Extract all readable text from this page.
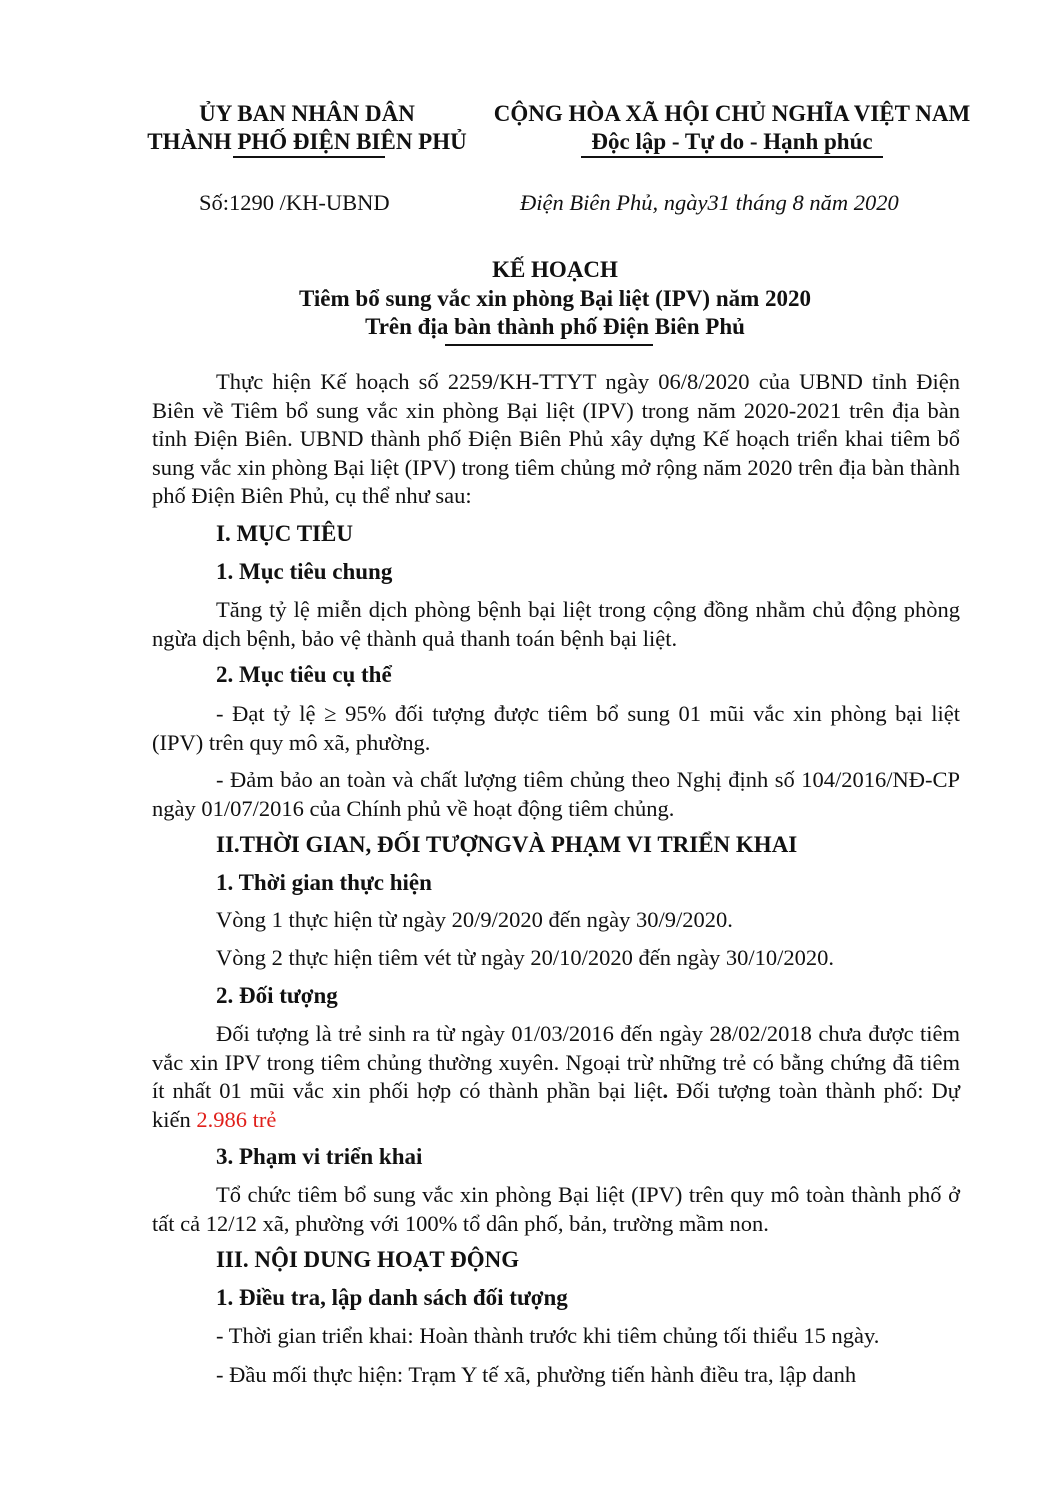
ỦY BAN NHÂN DÂN
THÀNH PHỐ ĐIỆN BIÊN PHỦ
CỘNG HÒA XÃ HỘI CHỦ NGHĨA VIỆT NAM
Độc lập - Tự do - Hạnh phúc
Số:1290 /KH-UBND	Điện Biên Phủ, ngày31 tháng 8 năm 2020
KẾ HOẠCH
Tiêm bổ sung vắc xin phòng Bại liệt (IPV) năm 2020
Trên địa bàn thành phố Điện Biên Phủ
Thực hiện Kế hoạch số 2259/KH-TTYT ngày 06/8/2020 của UBND tỉnh Điện Biên về Tiêm bổ sung vắc xin phòng Bại liệt (IPV) trong năm 2020-2021 trên địa bàn tỉnh Điện Biên. UBND thành phố Điện Biên Phủ xây dựng Kế hoạch triển khai tiêm bổ sung vắc xin phòng Bại liệt (IPV) trong tiêm chủng mở rộng năm 2020 trên địa bàn thành phố Điện Biên Phủ, cụ thể như sau:
I. MỤC TIÊU
1. Mục tiêu chung
Tăng tỷ lệ miễn dịch phòng bệnh bại liệt trong cộng đồng nhằm chủ động phòng ngừa dịch bệnh, bảo vệ thành quả thanh toán bệnh bại liệt.
2. Mục tiêu cụ thể
- Đạt tỷ lệ ≥ 95% đối tượng được tiêm bổ sung 01 mũi vắc xin phòng bại liệt (IPV) trên quy mô xã, phường.
- Đảm bảo an toàn và chất lượng tiêm chủng theo Nghị định số 104/2016/NĐ-CP ngày 01/07/2016 của Chính phủ về hoạt động tiêm chủng.
II.THỜI GIAN, ĐỐI TƯỢNGVÀ PHẠM VI TRIỂN KHAI
1. Thời gian thực hiện
Vòng 1 thực hiện từ ngày 20/9/2020 đến ngày 30/9/2020.
Vòng 2 thực hiện tiêm vét từ ngày 20/10/2020 đến ngày 30/10/2020.
2. Đối tượng
Đối tượng là trẻ sinh ra từ ngày 01/03/2016 đến ngày 28/02/2018 chưa được tiêm vắc xin IPV trong tiêm chủng thường xuyên. Ngoại trừ những trẻ có bằng chứng đã tiêm ít nhất 01 mũi vắc xin phối hợp có thành phần bại liệt. Đối tượng toàn thành phố: Dự kiến 2.986 trẻ
3. Phạm vi triển khai
Tổ chức tiêm bổ sung vắc xin phòng Bại liệt (IPV) trên quy mô toàn thành phố ở tất cả 12/12 xã, phường với 100% tổ dân phố, bản, trường mầm non.
III. NỘI DUNG HOẠT ĐỘNG
1. Điều tra, lập danh sách đối tượng
- Thời gian triển khai: Hoàn thành trước khi tiêm chủng tối thiểu 15 ngày.
- Đầu mối thực hiện: Trạm Y tế xã, phường tiến hành điều tra, lập danh
